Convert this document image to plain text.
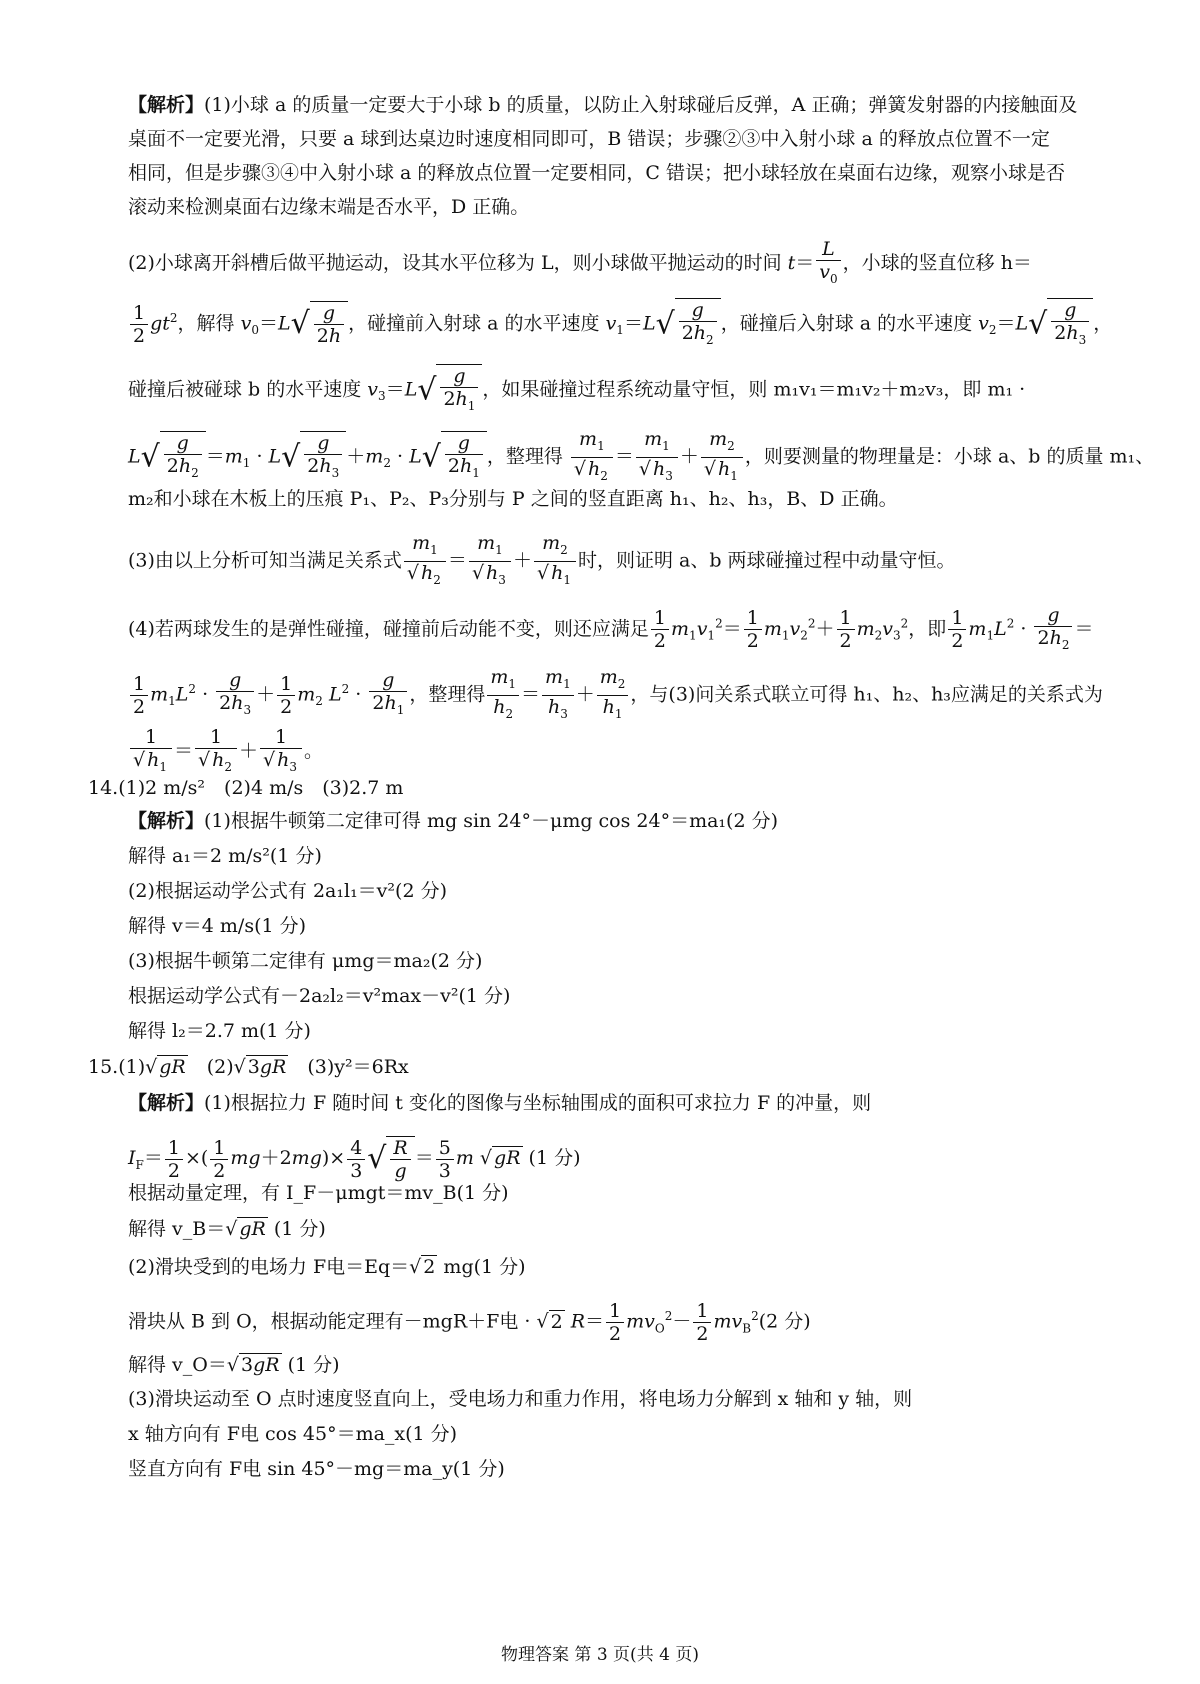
【解析】(1)小球 a 的质量一定要大于小球 b 的质量，以防止入射球碰后反弹，A 正确；弹簧发射器的内接触面及
桌面不一定要光滑，只要 a 球到达桌边时速度相同即可，B 错误；步骤②③中入射小球 a 的释放点位置不一定
相同，但是步骤③④中入射小球 a 的释放点位置一定要相同，C 错误；把小球轻放在桌面右边缘，观察小球是否
滚动来检测桌面右边缘末端是否水平，D 正确。
(2)小球离开斜槽后做平抛运动，设其水平位移为 L，则小球做平抛运动的时间 $t= \frac{L}{v_0}$ ，小球的竖直位移 h＝
$\frac{1}{2} gt^2$，解得 $v_0=L√ \frac{g}{2h}$ ，碰撞前入射球 a 的水平速度 $v_1=L√ \frac{g}{2h_2}$ ，碰撞后入射球 a 的水平速度 $v_2=L√ \frac{g}{2h_3}$ ，
碰撞后被碰球 b 的水平速度 $v_3=L√ \frac{g}{2h_1}$ ，如果碰撞过程系统动量守恒，则 m₁v₁＝m₁v₂＋m₂v₃，即 m₁ ·
$L√ \frac{g}{2h_2} =m_1 \cdot L√ \frac{g}{2h_3} +m_2 \cdot L√ \frac{g}{2h_1}$ ，整理得 $\frac{m_1}{√ h_2} = \frac{m_1}{√ h_3} + \frac{m_2}{√ h_1}$ ，则要测量的物理量是：小球 a、b 的质量 m₁、
m₂和小球在木板上的压痕 P₁、P₂、P₃分别与 P 之间的竖直距离 h₁、h₂、h₃，B、D 正确。
(3)由以上分析可知当满足关系式 $\frac{m_1}{√ h_2} = \frac{m_1}{√ h_3} + \frac{m_2}{√ h_1}$ 时，则证明 a、b 两球碰撞过程中动量守恒。
(4)若两球发生的是弹性碰撞，碰撞前后动能不变，则还应满足 $\frac{1}{2} m_1v_1^2= \frac{1}{2} m_1v_2^2+ \frac{1}{2} m_2v_3^2$，即 $\frac{1}{2} m_1L^2 \cdot \frac{g}{2h_2}$ ＝
$\frac{1}{2} m_1L^2 \cdot \frac{g}{2h_3} + \frac{1}{2} m_2$ $L^2 \cdot \frac{g}{2h_1}$ ，整理得 $\frac{m_1}{h_2} = \frac{m_1}{h_3} + \frac{m_2}{h_1}$ ，与(3)问关系式联立可得 h₁、h₂、h₃应满足的关系式为
$\frac{1}{√ h_1} = \frac{1}{√ h_2} + \frac{1}{√ h_3}$ 。
14.(1)2 m/s²　(2)4 m/s　(3)2.7 m
【解析】(1)根据牛顿第二定律可得 mg sin 24°－μmg cos 24°＝ma₁(2 分)
解得 a₁＝2 m/s²(1 分)
(2)根据运动学公式有 2a₁l₁＝v²(2 分)
解得 v＝4 m/s(1 分)
(3)根据牛顿第二定律有 μmg＝ma₂(2 分)
根据运动学公式有－2a₂l₂＝v²max－v²(1 分)
解得 l₂＝2.7 m(1 分)
15.(1)√ gR　 (2)√ 3gR　 (3)y²＝6Rx
【解析】(1)根据拉力 F 随时间 t 变化的图像与坐标轴围成的面积可求拉力 F 的冲量，则
$I_F= \frac{1}{2}$ ×( $\frac{1}{2} mg+2mg)\times \frac{4}{3}$ √ $\frac{R}{g} = \frac{5}{3}$ m √ gR (1 分)
根据动量定理，有 I_F－μmgt＝mv_B(1 分)
解得 v_B＝√ gR (1 分)
(2)滑块受到的电场力 F电＝Eq＝√ 2 mg(1 分)
滑块从 B 到 O，根据动能定理有－mgR＋F电 · √ 2 $R= \frac{1}{2} mv_O^2- \frac{1}{2} mv_B^2(2$ 分)
解得 v_O＝√ 3gR (1 分)
(3)滑块运动至 O 点时速度竖直向上，受电场力和重力作用，将电场力分解到 x 轴和 y 轴，则
x 轴方向有 F电 cos 45°＝ma_x(1 分)
竖直方向有 F电 sin 45°－mg＝ma_y(1 分)
物理答案 第 3 页(共 4 页)
